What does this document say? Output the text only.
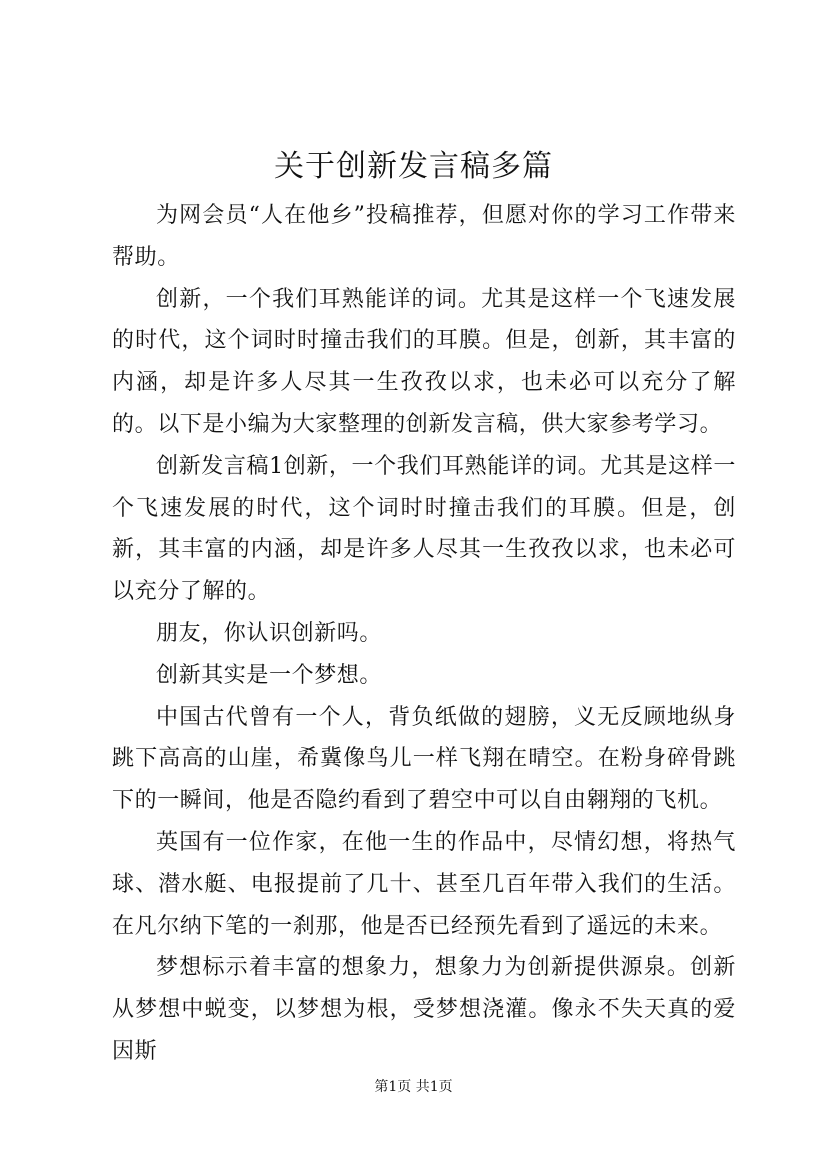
关于创新发言稿多篇

为网会员“人在他乡”投稿推荐，但愿对你的学习工作带来帮助。

创新，一个我们耳熟能详的词。尤其是这样一个飞速发展的时代，这个词时时撞击我们的耳膜。但是，创新，其丰富的内涵，却是许多人尽其一生孜孜以求，也未必可以充分了解的。以下是小编为大家整理的创新发言稿，供大家参考学习。

创新发言稿1创新，一个我们耳熟能详的词。尤其是这样一个飞速发展的时代，这个词时时撞击我们的耳膜。但是，创新，其丰富的内涵，却是许多人尽其一生孜孜以求，也未必可以充分了解的。

朋友，你认识创新吗。

创新其实是一个梦想。

中国古代曾有一个人，背负纸做的翅膀，义无反顾地纵身跳下高高的山崖，希冀像鸟儿一样飞翔在晴空。在粉身碎骨跳下的一瞬间，他是否隐约看到了碧空中可以自由翱翔的飞机。

英国有一位作家，在他一生的作品中，尽情幻想，将热气球、潜水艇、电报提前了几十、甚至几百年带入我们的生活。在凡尔纳下笔的一刹那，他是否已经预先看到了遥远的未来。

梦想标示着丰富的想象力，想象力为创新提供源泉。创新从梦想中蜕变，以梦想为根，受梦想浇灌。像永不失天真的爱因斯

第1页 共1页
